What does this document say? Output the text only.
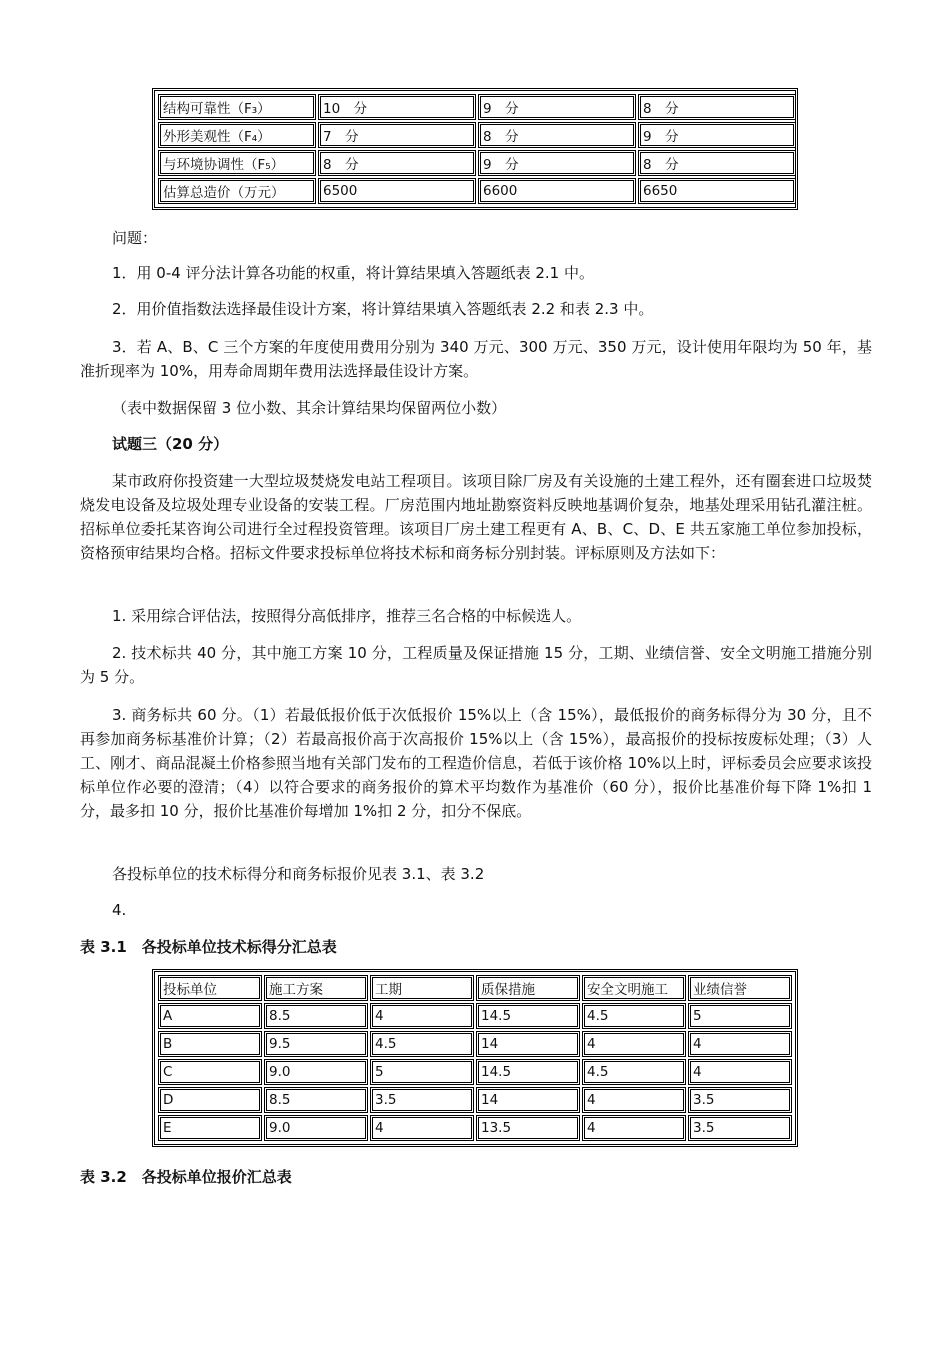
结构可靠性（F₃）	10　分	9　分	8　分
外形美观性（F₄）	7　分	8　分	9　分
与环境协调性（F₅）	8　分	9　分	8　分
估算总造价（万元）	6500	6600	6650
问题：
1．用 0-4 评分法计算各功能的权重，将计算结果填入答题纸表 2.1 中。
2．用价值指数法选择最佳设计方案，将计算结果填入答题纸表 2.2 和表 2.3 中。
3．若 A、B、C 三个方案的年度使用费用分别为 340 万元、300 万元、350 万元，设计使用年限均为 50 年，基准折现率为 10%，用寿命周期年费用法选择最佳设计方案。
（表中数据保留 3 位小数、其余计算结果均保留两位小数）
试题三（20 分）
某市政府你投资建一大型垃圾焚烧发电站工程项目。该项目除厂房及有关设施的土建工程外，还有圈套进口垃圾焚烧发电设备及垃圾处理专业设备的安装工程。厂房范围内地址勘察资料反映地基调价复杂，地基处理采用钻孔灌注桩。招标单位委托某咨询公司进行全过程投资管理。该项目厂房土建工程更有 A、B、C、D、E 共五家施工单位参加投标，资格预审结果均合格。招标文件要求投标单位将技术标和商务标分别封装。评标原则及方法如下：
1. 采用综合评估法，按照得分高低排序，推荐三名合格的中标候选人。
2. 技术标共 40 分，其中施工方案 10 分，工程质量及保证措施 15 分，工期、业绩信誉、安全文明施工措施分别为 5 分。
3. 商务标共 60 分。（1）若最低报价低于次低报价 15%以上（含 15%），最低报价的商务标得分为 30 分，且不再参加商务标基准价计算；（2）若最高报价高于次高报价 15%以上（含 15%），最高报价的投标按废标处理；（3）人工、刚才、商品混凝土价格参照当地有关部门发布的工程造价信息，若低于该价格 10%以上时，评标委员会应要求该投标单位作必要的澄清；（4）以符合要求的商务报价的算术平均数作为基准价（60 分），报价比基准价每下降 1%扣 1 分，最多扣 10 分，报价比基准价每增加 1%扣 2 分，扣分不保底。
各投标单位的技术标得分和商务标报价见表 3.1、表 3.2
4.
表 3.1　各投标单位技术标得分汇总表
投标单位	施工方案	工期	质保措施	安全文明施工	业绩信誉
A	8.5	4	14.5	4.5	5
B	9.5	4.5	14	4	4
C	9.0	5	14.5	4.5	4
D	8.5	3.5	14	4	3.5
E	9.0	4	13.5	4	3.5
表 3.2　各投标单位报价汇总表
